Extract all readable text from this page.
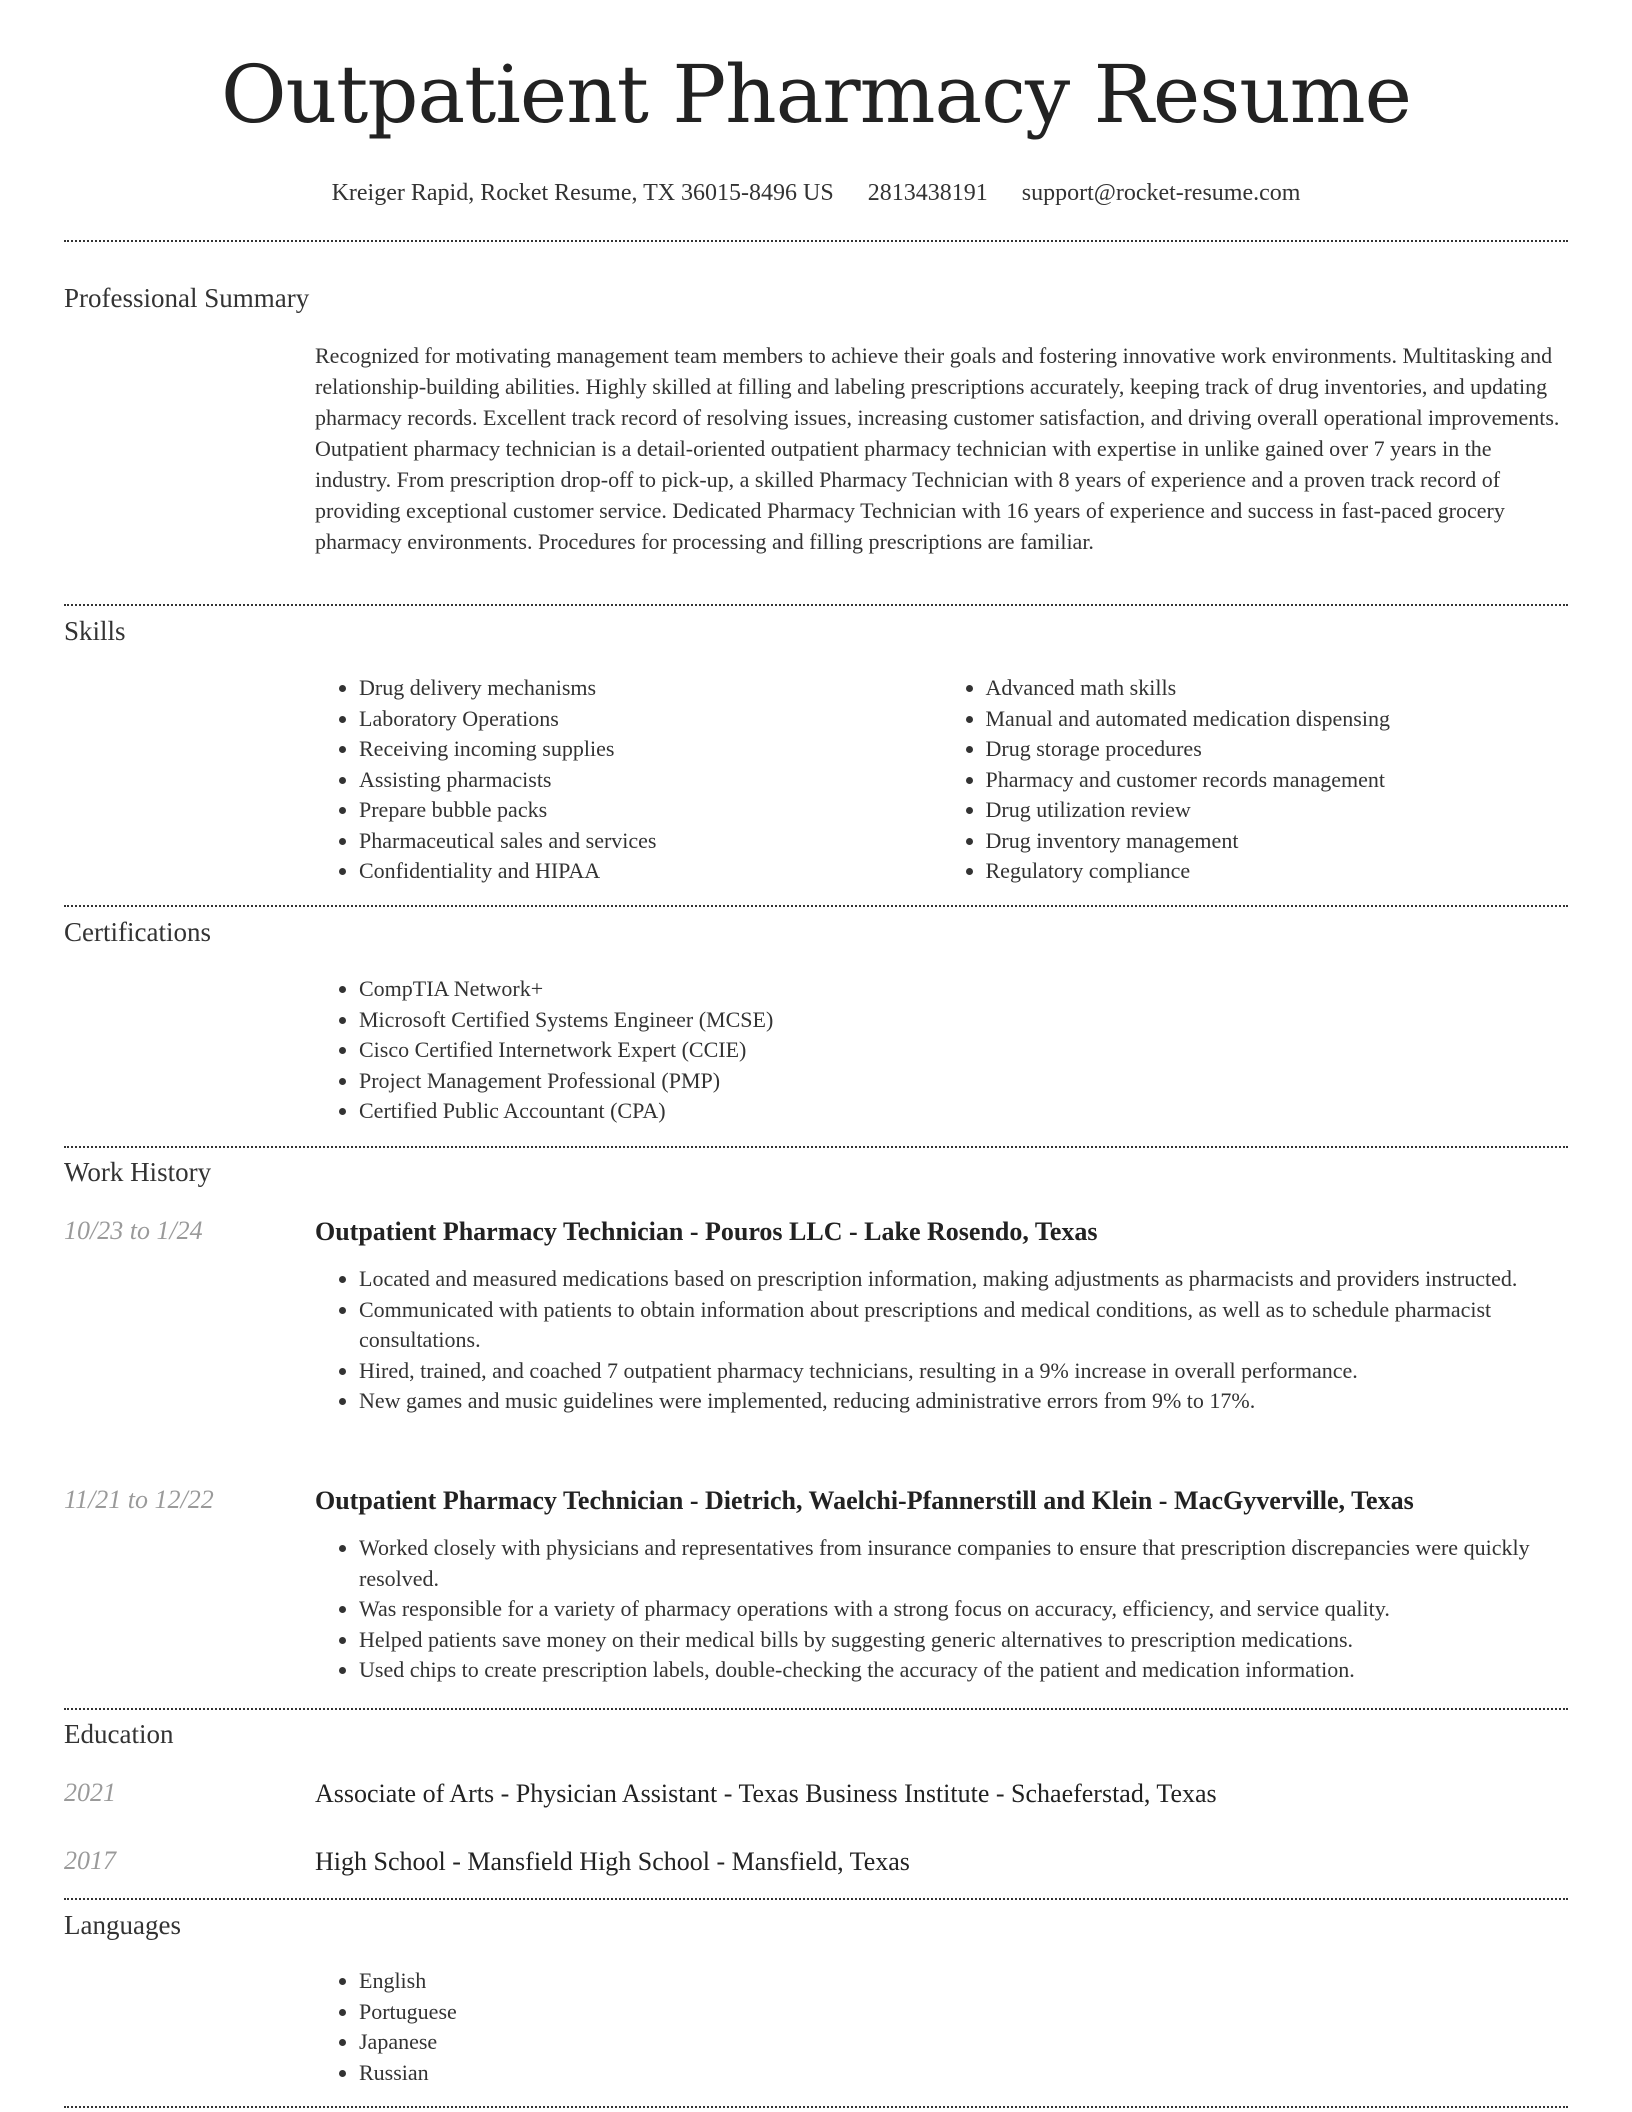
Outpatient Pharmacy Resume
Kreiger Rapid, Rocket Resume, TX 36015-8496 US 2813438191 support@rocket-resume.com
Professional Summary

Recognized for motivating management team members to achieve their goals and fostering innovative work environments. Multitasking and relationship-building abilities. Highly skilled at filling and labeling prescriptions accurately, keeping track of drug inventories, and updating pharmacy records. Excellent track record of resolving issues, increasing customer satisfaction, and driving overall operational improvements. Outpatient pharmacy technician is a detail-oriented outpatient pharmacy technician with expertise in unlike gained over 7 years in the industry. From prescription drop-off to pick-up, a skilled Pharmacy Technician with 8 years of experience and a proven track record of providing exceptional customer service. Dedicated Pharmacy Technician with 16 years of experience and success in fast-paced grocery pharmacy environments. Procedures for processing and filling prescriptions are familiar.

Skills
• Drug delivery mechanisms
• Laboratory Operations
• Receiving incoming supplies
• Assisting pharmacists
• Prepare bubble packs
• Pharmaceutical sales and services
• Confidentiality and HIPAA
• Advanced math skills
• Manual and automated medication dispensing
• Drug storage procedures
• Pharmacy and customer records management
• Drug utilization review
• Drug inventory management
• Regulatory compliance
Certifications
• CompTIA Network+
• Microsoft Certified Systems Engineer (MCSE)
• Cisco Certified Internetwork Expert (CCIE)
• Project Management Professional (PMP)
• Certified Public Accountant (CPA)
Work History
10/23 to 1/24	Outpatient Pharmacy Technician - Pouros LLC - Lake Rosendo, Texas
• Located and measured medications based on prescription information, making adjustments as pharmacists and providers instructed.
• Communicated with patients to obtain information about prescriptions and medical conditions, as well as to schedule pharmacist consultations.
• Hired, trained, and coached 7 outpatient pharmacy technicians, resulting in a 9% increase in overall performance.
• New games and music guidelines were implemented, reducing administrative errors from 9% to 17%.
11/21 to 12/22	Outpatient Pharmacy Technician - Dietrich, Waelchi-Pfannerstill and Klein - MacGyverville, Texas
• Worked closely with physicians and representatives from insurance companies to ensure that prescription discrepancies were quickly resolved.
• Was responsible for a variety of pharmacy operations with a strong focus on accuracy, efficiency, and service quality.
• Helped patients save money on their medical bills by suggesting generic alternatives to prescription medications.
• Used chips to create prescription labels, double-checking the accuracy of the patient and medication information.
Education
2021	Associate of Arts - Physician Assistant - Texas Business Institute - Schaeferstad, Texas
2017	High School - Mansfield High School - Mansfield, Texas
Languages
• English
• Portuguese
• Japanese
• Russian
